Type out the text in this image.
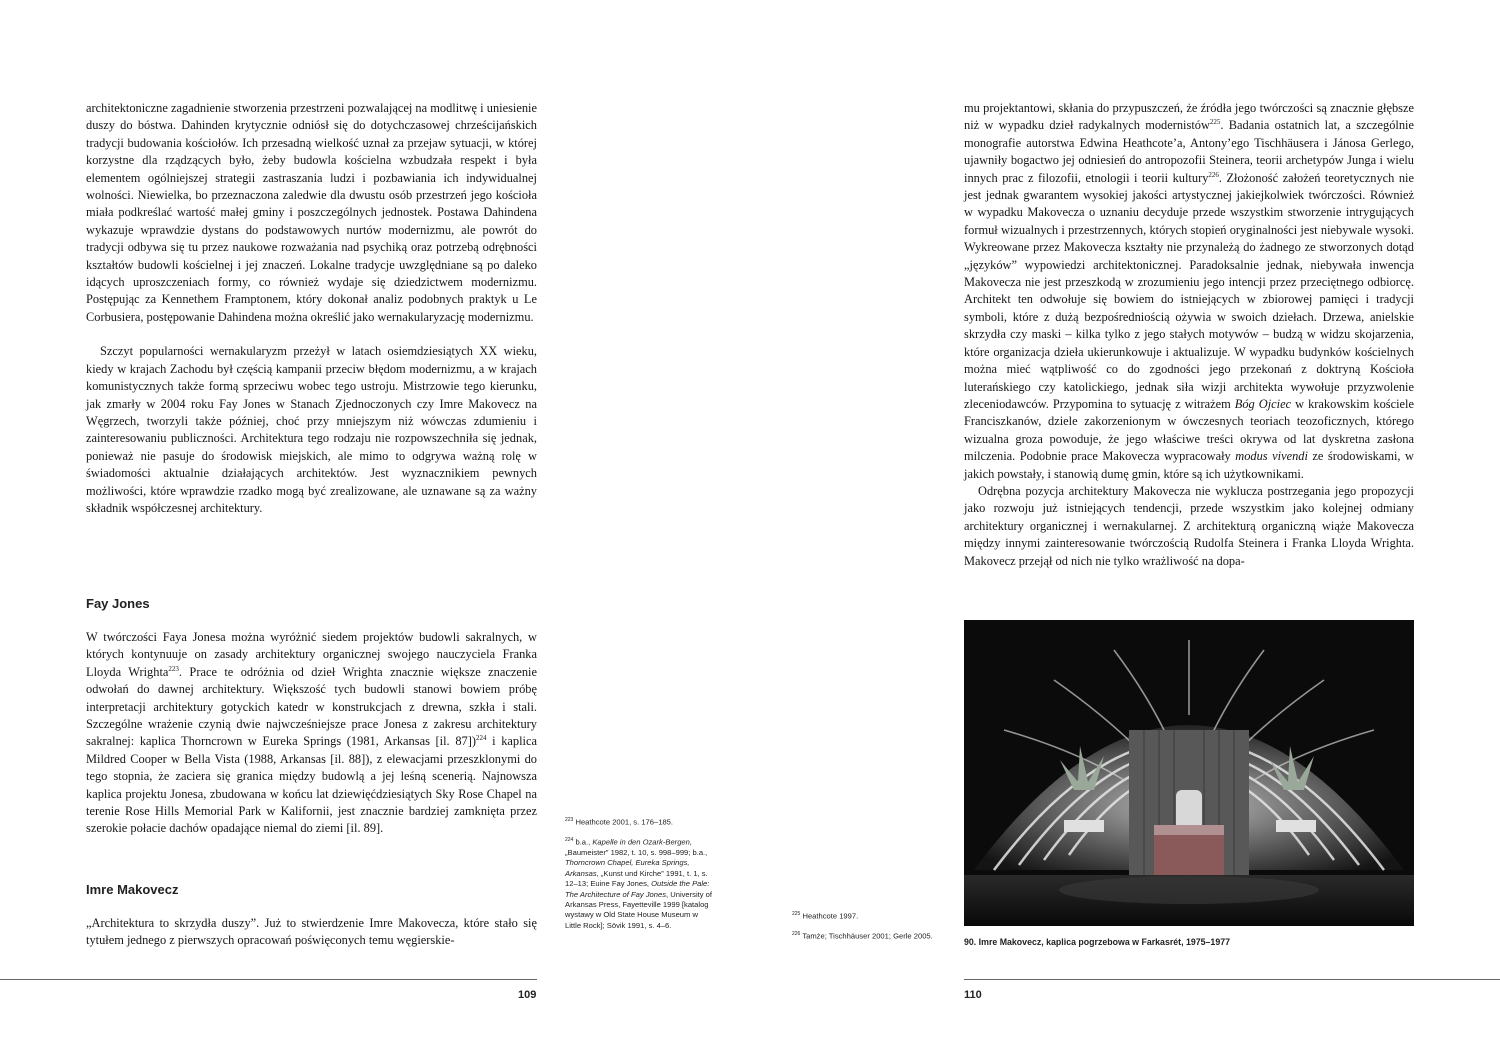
architektoniczne zagadnienie stworzenia przestrzeni pozwalającej na modlitwę i uniesienie duszy do bóstwa. Dahinden krytycznie odniósł się do dotychczasowej chrześcijańskich tradycji budowania kościołów. Ich przesadną wielkość uznał za przejaw sytuacji, w której korzystne dla rządzących było, żeby budowla kościelna wzbudzała respekt i była elementem ogólniejszej strategii zastraszania ludzi i pozbawiania ich indywidualnej wolności. Niewielka, bo przeznaczona zaledwie dla dwustu osób przestrzeń jego kościoła miała podkreślać wartość małej gminy i poszczególnych jednostek. Postawa Dahindena wykazuje wprawdzie dystans do podstawowych nurtów modernizmu, ale powrót do tradycji odbywa się tu przez naukowe rozważania nad psychiką oraz potrzebą odrębności kształtów budowli kościelnej i jej znaczeń. Lokalne tradycje uwzględniane są po daleko idących uproszczeniach formy, co również wydaje się dziedzictwem modernizmu. Postępując za Kennethem Framptonem, który dokonał analiz podobnych praktyk u Le Corbusiera, postępowanie Dahindena można określić jako wernakularyzację modernizmu.

Szczyt popularności wernakularyzm przeżył w latach osiemdziesiątych XX wieku, kiedy w krajach Zachodu był częścią kampanii przeciw błędom modernizmu, a w krajach komunistycznych także formą sprzeciwu wobec tego ustroju. Mistrzowie tego kierunku, jak zmarły w 2004 roku Fay Jones w Stanach Zjednoczonych czy Imre Makovecz na Węgrzech, tworzyli także później, choć przy mniejszym niż wówczas zdumieniu i zainteresowaniu publiczności. Architektura tego rodzaju nie rozpowszechniła się jednak, ponieważ nie pasuje do środowisk miejskich, ale mimo to odgrywa ważną rolę w świadomości aktualnie działających architektów. Jest wyznacznikiem pewnych możliwości, które wprawdzie rzadko mogą być zrealizowane, ale uznawane są za ważny składnik współczesnej architektury.

Fay Jones

W twórczości Faya Jonesa można wyróżnić siedem projektów budowli sakralnych, w których kontynuuje on zasady architektury organicznej swojego nauczyciela Franka Lloyda Wrighta$^{223}$. Prace te odróżnia od dzieł Wrighta znacznie większe znaczenie odwołań do dawnej architektury. Większość tych budowli stanowi bowiem próbę interpretacji architektury gotyckich katedr w konstrukcjach z drewna, szkła i stali. Szczególne wrażenie czynią dwie najwcześniejsze prace Jonesa z zakresu architektury sakralnej: kaplica Thorncrown w Eureka Springs (1981, Arkansas [il. 87])$^{224}$ i kaplica Mildred Cooper w Bella Vista (1988, Arkansas [il. 88]), z elewacjami przeszklonymi do tego stopnia, że zaciera się granica między budowlą a jej leśną scenerią. Najnowsza kaplica projektu Jonesa, zbudowana w końcu lat dziewięćdziesiątych Sky Rose Chapel na terenie Rose Hills Memorial Park w Kalifornii, jest znacznie bardziej zamknięta przez szerokie połacie dachów opadające niemal do ziemi [il. 89].

Imre Makovecz

„Architektura to skrzydła duszy”. Już to stwierdzenie Imre Makovecza, które stało się tytułem jednego z pierwszych opracowań poświęconych temu węgierskie-

$^{223}$ Heathcote 2001, s. 176–185.

$^{224}$ b.a., Kapelle in den Ozark-Bergen, „Baumeister” 1982, t. 10, s. 998–999; b.a., Thorncrown Chapel, Eureka Springs, Arkansas, „Kunst und Kirche” 1991, t. 1, s. 12–13; Euine Fay Jones, Outside the Pale: The Architecture of Fay Jones, University of Arkansas Press, Fayetteville 1999 [katalog wystawy w Old State House Museum w Little Rock]; Sövik 1991, s. 4–6.

109

mu projektantowi, skłania do przypuszczeń, że źródła jego twórczości są znacznie głębsze niż w wypadku dzieł radykalnych modernistów$^{225}$. Badania ostatnich lat, a szczególnie monografie autorstwa Edwina Heathcote’a, Antony’ego Tischhäusera i Jánosa Gerlego, ujawniły bogactwo jej odniesień do antropozofii Steinera, teorii archetypów Junga i wielu innych prac z filozofii, etnologii i teorii kultury$^{226}$. Złożoność założeń teoretycznych nie jest jednak gwarantem wysokiej jakości artystycznej jakiejkolwiek twórczości. Również w wypadku Makovecza o uznaniu decyduje przede wszystkim stworzenie intrygujących formuł wizualnych i przestrzennych, których stopień oryginalności jest niebywale wysoki. Wykreowane przez Makovecza kształty nie przynależą do żadnego ze stworzonych dotąd „języków” wypowiedzi architektonicznej. Paradoksalnie jednak, niebywała inwencja Makovecza nie jest przeszkodą w zrozumieniu jego intencji przez przeciętnego odbiorcę. Architekt ten odwołuje się bowiem do istniejących w zbiorowej pamięci i tradycji symboli, które z dużą bezpośredniością ożywia w swoich dziełach. Drzewa, anielskie skrzydła czy maski – kilka tylko z jego stałych motywów – budzą w widzu skojarzenia, które organizacja dzieła ukierunkowuje i aktualizuje. W wypadku budynków kościelnych można mieć wątpliwość co do zgodności jego przekonań z doktryną Kościoła luterańskiego czy katolickiego, jednak siła wizji architekta wywołuje przyzwolenie zleceniodawców. Przypomina to sytuację z witrażem Bóg Ojciec w krakowskim kościele Franciszkanów, dziele zakorzenionym w ówczesnych teoriach teozoficznych, którego wizualna groza powoduje, że jego właściwe treści okrywa od lat dyskretna zasłona milczenia. Podobnie prace Makovecza wypracowały modus vivendi ze środowiskami, w jakich powstały, i stanowią dumę gmin, które są ich użytkownikami.

Odrębna pozycja architektury Makovecza nie wyklucza postrzegania jego propozycji jako rozwoju już istniejących tendencji, przede wszystkim jako kolejnej odmiany architektury organicznej i wernakularnej. Z architekturą organiczną wiąże Makovecza między innymi zainteresowanie twórczością Rudolfa Steinera i Franka Lloyda Wrighta. Makovecz przejął od nich nie tylko wrażliwość na dopa-

$^{225}$ Heathcote 1997.

$^{226}$ Tamże; Tischhäuser 2001; Gerle 2005.

90. Imre Makovecz, kaplica pogrzebowa w Farkasrét, 1975–1977

110
